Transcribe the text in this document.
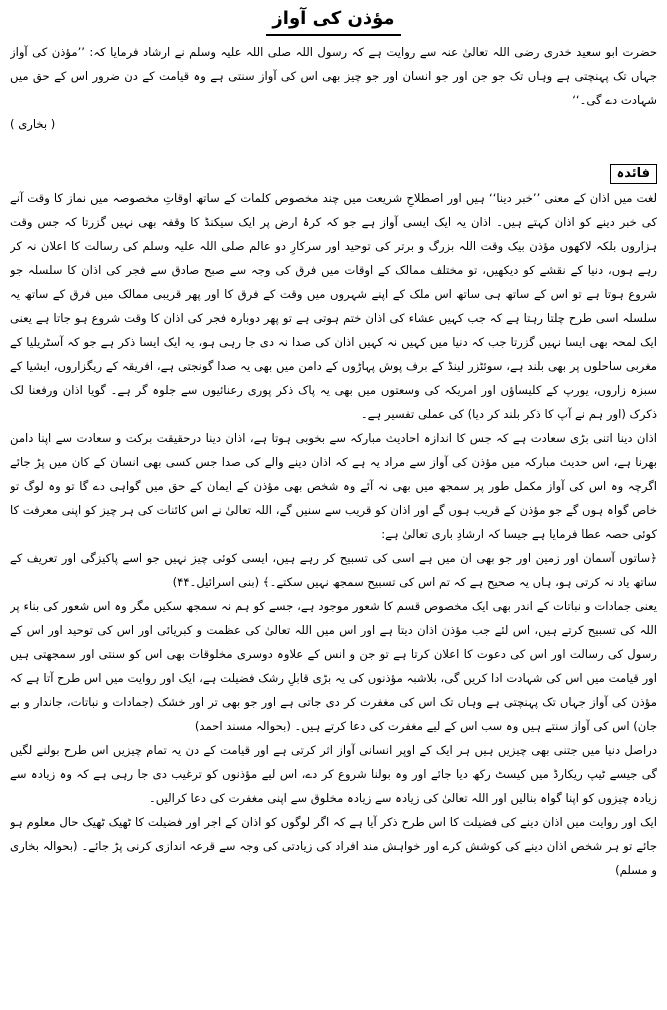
مؤذن کی آواز

حضرت ابو سعید خدری رضی اللہ تعالیٰ عنہ سے روایت ہے کہ رسول اللہ صلی اللہ علیہ وسلم نے ارشاد فرمایا کہ: ’’مؤذن کی آواز جہاں تک پہنچتی ہے وہاں تک جو جن اور جو انسان اور جو چیز بھی اس کی آواز سنتی ہے وہ قیامت کے دن ضرور اس کے حق میں شہادت دے گی۔‘‘

( بخاری )
فائدہ

لغت میں اذان کے معنی ’’خبر دینا‘‘ ہیں اور اصطلاحِ شریعت میں چند مخصوص کلمات کے ساتھ اوقاتِ مخصوصہ میں نماز کا وقت آنے کی خبر دینے کو اذان کہتے ہیں۔ اذان یہ ایک ایسی آواز ہے جو کہ کرۂ ارض پر ایک سیکنڈ کا وقفہ بھی نہیں گزرتا کہ جس وقت ہزاروں بلکہ لاکھوں مؤذن بیک وقت اللہ بزرگ و برتر کی توحید اور سرکارِ دو عالم صلی اللہ علیہ وسلم کی رسالت کا اعلان نہ کر رہے ہوں، دنیا کے نقشے کو دیکھیں، تو مختلف ممالک کے اوقات میں فرق کی وجہ سے صبح صادق سے فجر کی اذان کا سلسلہ جو شروع ہوتا ہے تو اس کے ساتھ ہی ساتھ اس ملک کے اپنے شہروں میں وقت کے فرق کا اور پھر قریبی ممالک میں فرق کے ساتھ یہ سلسلہ اسی طرح چلتا رہتا ہے کہ جب کہیں عشاء کی اذان ختم ہوتی ہے تو پھر دوبارہ فجر کی اذان کا وقت شروع ہو جاتا ہے یعنی ایک لمحہ بھی ایسا نہیں گزرتا جب کہ دنیا میں کہیں نہ کہیں اذان کی صدا نہ دی جا رہی ہو، یہ ایک ایسا ذکر ہے جو کہ آسٹریلیا کے مغربی ساحلوں پر بھی بلند ہے، سوئٹزر لینڈ کے برف پوش پہاڑوں کے دامن میں بھی یہ صدا گونجتی ہے، افریقہ کے ریگزاروں، ایشیا کے سبزہ زاروں، یورپ کے کلیساؤں اور امریکہ کی وسعتوں میں بھی یہ پاک ذکر پوری رعنائیوں سے جلوہ گر ہے۔ گویا اذان ورفعنا لک ذکرک (اور ہم نے آپ کا ذکر بلند کر دیا) کی عملی تفسیر ہے۔

اذان دینا اتنی بڑی سعادت ہے کہ جس کا اندازہ احادیث مبارکہ سے بخوبی ہوتا ہے، اذان دینا درحقیقت برکت و سعادت سے اپنا دامن بھرنا ہے، اس حدیث مبارکہ میں مؤذن کی آواز سے مراد یہ ہے کہ اذان دینے والے کی صدا جس کسی بھی انسان کے کان میں پڑ جائے اگرچہ وہ اس کی آواز مکمل طور پر سمجھ میں بھی نہ آئے وہ شخص بھی مؤذن کے ایمان کے حق میں گواہی دے گا تو وہ لوگ تو خاص گواہ ہوں گے جو مؤذن کے قریب ہوں گے اور اذان کو قریب سے سنیں گے، اللہ تعالیٰ نے اس کائنات کی ہر چیز کو اپنی معرفت کا کوئی حصہ عطا فرمایا ہے جیسا کہ ارشادِ باری تعالیٰ ہے:

﴿ساتوں آسمان اور زمین اور جو بھی ان میں ہے اسی کی تسبیح کر رہے ہیں، ایسی کوئی چیز نہیں جو اسے پاکیزگی اور تعریف کے ساتھ یاد نہ کرتی ہو، ہاں یہ صحیح ہے کہ تم اس کی تسبیح سمجھ نہیں سکتے۔﴾ (بنی اسرائیل۔۴۴)

یعنی جمادات و نباتات کے اندر بھی ایک مخصوص قسم کا شعور موجود ہے، جسے کو ہم نہ سمجھ سکیں مگر وہ اس شعور کی بناء پر اللہ کی تسبیح کرتے ہیں، اس لئے جب مؤذن اذان دیتا ہے اور اس میں اللہ تعالیٰ کی عظمت و کبریائی اور اس کی توحید اور اس کے رسول کی رسالت اور اس کی دعوت کا اعلان کرتا ہے تو جن و انس کے علاوہ دوسری مخلوقات بھی اس کو سنتی اور سمجھتی ہیں اور قیامت میں اس کی شہادت ادا کریں گی، بلاشبہ مؤذنوں کی یہ بڑی قابلِ رشک فضیلت ہے، ایک اور روایت میں اس طرح آتا ہے کہ مؤذن کی آواز جہاں تک پہنچتی ہے وہاں تک اس کی مغفرت کر دی جاتی ہے اور جو بھی تر اور خشک (جمادات و نباتات، جاندار و بے جان) اس کی آواز سنتے ہیں وہ سب اس کے لیے مغفرت کی دعا کرتے ہیں۔ (بحوالہ مسند احمد)

دراصل دنیا میں جتنی بھی چیزیں ہیں ہر ایک کے اوپر انسانی آواز اثر کرتی ہے اور قیامت کے دن یہ تمام چیزیں اس طرح بولنے لگیں گی جیسے ٹیپ ریکارڈ میں کیسٹ رکھ دیا جائے اور وہ بولنا شروع کر دے، اس لیے مؤذنوں کو ترغیب دی جا رہی ہے کہ وہ زیادہ سے زیادہ چیزوں کو اپنا گواہ بنالیں اور اللہ تعالیٰ کی زیادہ سے زیادہ مخلوق سے اپنی مغفرت کی دعا کرالیں۔

ایک اور روایت میں اذان دینے کی فضیلت کا اس طرح ذکر آیا ہے کہ اگر لوگوں کو اذان کے اجر اور فضیلت کا ٹھیک ٹھیک حال معلوم ہو جائے تو ہر شخص اذان دینے کی کوشش کرے اور خواہش مند افراد کی زیادتی کی وجہ سے قرعہ اندازی کرنی پڑ جائے۔ (بحوالہ بخاری و مسلم)
